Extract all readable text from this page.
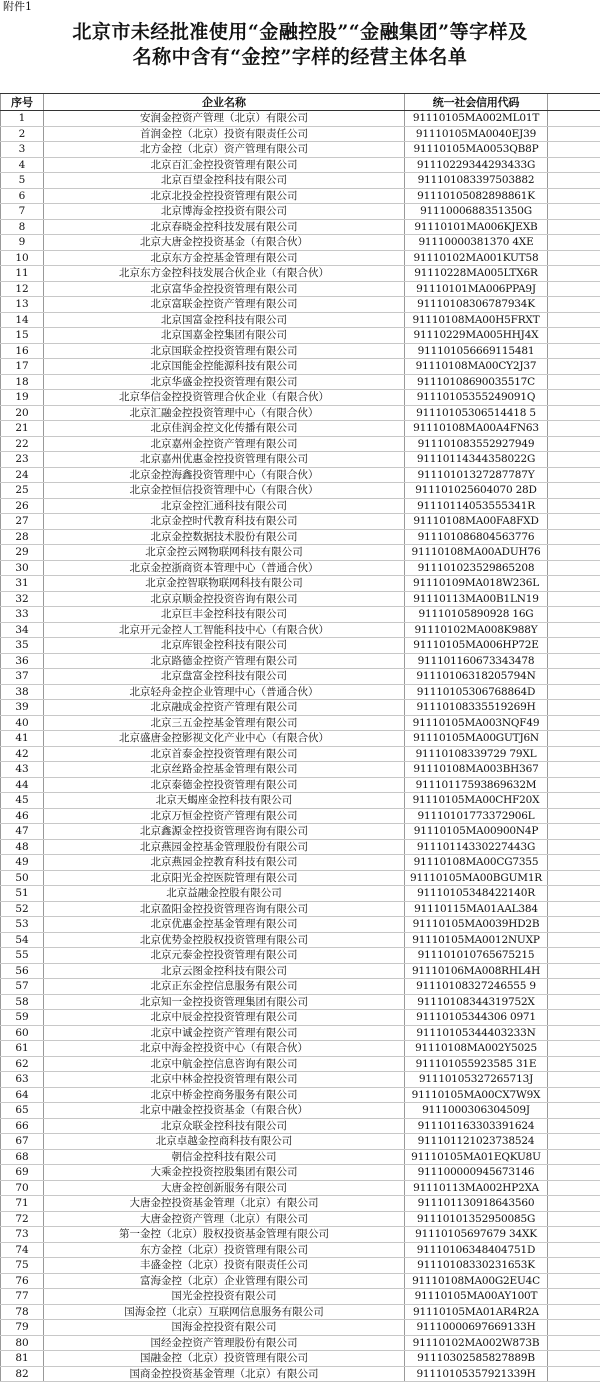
附件1
北京市未经批准使用“金融控股”“金融集团”等字样及
名称中含有“金控”字样的经营主体名单
序号	企业名称	统一社会信用代码
1	安润金控资产管理（北京）有限公司	91110105MA002ML01T
2	首润金控（北京）投资有限责任公司	91110105MA0040EJ39
3	北方金控（北京）资产管理有限公司	91110105MA0053QB8P
4	北京百汇金控投资管理有限公司	91110229344293433G
5	北京百望金控科技有限公司	911101083397503882
6	北京北投金控投资管理有限公司	91110105082898861K
7	北京博海金控投资有限公司	9111000688351350G
8	北京春晓金控科技发展有限公司	91110101MA006KJEXB
9	北京大唐金控投资基金（有限合伙）	91110000381370 4XE
10	北京东方金控基金管理有限公司	91110102MA001KUT58
11	北京东方金控科技发展合伙企业（有限合伙）	91110228MA005LTX6R
12	北京富华金控投资管理有限公司	91110101MA006PPA9J
13	北京富联金控资产管理有限公司	91110108306787934K
14	北京国富金控科技有限公司	91110108MA00H5FRXT
15	北京国嘉金控集团有限公司	91110229MA005HHJ4X
16	北京国联金控投资管理有限公司	911101056669115481
17	北京国能金控能源科技有限公司	91110108MA00CY2J37
18	北京华盛金控投资管理有限公司	91110108690035517C
19	北京华信金控投资管理合伙企业（有限合伙）	91110105355249091Q
20	北京汇融金控投资管理中心（有限合伙）	91110105306514418 5
21	北京佳润金控文化传播有限公司	91110108MA00A4FN63
22	北京嘉州金控资产管理有限公司	911101083552927949
23	北京嘉州优惠金控投资管理有限公司	91110114344358022G
24	北京金控海鑫投资管理中心（有限合伙）	91110101327287787Y
25	北京金控恒信投资管理中心（有限合伙）	911101025604070 28D
26	北京金控汇通科技有限公司	91110114053555341R
27	北京金控时代教育科技有限公司	91110108MA00FA8FXD
28	北京金控数据技术股份有限公司	911101086804563776
29	北京金控云网物联网科技有限公司	91110108MA00ADUH76
30	北京金控浙商资本管理中心（普通合伙）	911101023529865208
31	北京金控智联物联网科技有限公司	91110109MA018W236L
32	北京京顺金控投资咨询有限公司	91110113MA00B1LN19
33	北京巨丰金控科技有限公司	91110105890928 16G
34	北京开元金控人工智能科技中心（有限合伙）	91110102MA008K988Y
35	北京库银金控科技有限公司	91110105MA006HP72E
36	北京路德金控资产管理有限公司	911101160673343478
37	北京盘富金控科技有限公司	91110106318205794N
38	北京轻舟金控企业管理中心（普通合伙）	91110105306768864D
39	北京融成金控资产管理有限公司	91110108335519269H
40	北京三五金控基金管理有限公司	91110105MA003NQF49
41	北京盛唐金控影视文化产业中心（有限合伙）	91110105MA00GUTJ6N
42	北京首泰金控投资管理有限公司	91110108339729 79XL
43	北京丝路金控基金管理有限公司	91110108MA003BH367
44	北京泰德金控投资管理有限公司	91110117593869632M
45	北京天蝎座金控科技有限公司	91110105MA00CHF20X
46	北京万恒金控资产管理有限公司	91110101773372906L
47	北京鑫源金控投资管理咨询有限公司	91110105MA00900N4P
48	北京燕园金控基金管理股份有限公司	91110114330227443G
49	北京燕园金控教育科技有限公司	91110108MA00CG7355
50	北京阳光金控医院管理有限公司	91110105MA00BGUM1R
51	北京益融金控股有限公司	91110105348422140R
52	北京盈阳金控投资管理咨询有限公司	91110115MA01AAL384
53	北京优惠金控基金管理有限公司	91110105MA0039HD2B
54	北京优势金控股权投资管理有限公司	91110105MA0012NUXP
55	北京元泰金控投资管理有限公司	911101010765675215
56	北京云图金控科技有限公司	91110106MA008RHL4H
57	北京正东金控信息服务有限公司	91110108327246555 9
58	北京知一金控投资管理集团有限公司	91110108344319752X
59	北京中辰金控投资管理有限公司	91110105344306 0971
60	北京中诚金控资产管理有限公司	91110105344403233N
61	北京中海金控投资中心（有限合伙）	91110108MA002Y5025
62	北京中航金控信息咨询有限公司	911101055923585 31E
63	北京中林金控投资管理有限公司	91110105327265713J
64	北京中桥金控商务服务有限公司	91110105MA00CX7W9X
65	北京中融金控投资基金（有限合伙）	9111000306304509J
66	北京众联金控科技有限公司	911101163303391624
67	北京卓越金控商科技有限公司	911101121023738524
68	朝信金控科技有限公司	91110105MA01EQKU8U
69	大乘金控投资控股集团有限公司	911100000945673146
70	大唐金控创新服务有限公司	91110113MA002HP2XA
71	大唐金控投资基金管理（北京）有限公司	911101130918643560
72	大唐金控资产管理（北京）有限公司	91110101352950085G
73	第一金控（北京）股权投资基金管理有限公司	91110105697679 34XK
74	东方金控（北京）投资管理有限公司	91110106348404751D
75	丰盛金控（北京）投资有限责任公司	91110108330231653K
76	富海金控（北京）企业管理有限公司	91110108MA00G2EU4C
77	国光金控投资有限公司	91110105MA00AY100T
78	国海金控（北京）互联网信息服务有限公司	91110105MA01AR4R2A
79	国海金控投资有限公司	91110000697669133H
80	国经金控资产管理股份有限公司	91110102MA002W873B
81	国融金控（北京）投资管理有限公司	91110302585827889B
82	国商金控投资基金管理（北京）有限公司	91110105357921339H
